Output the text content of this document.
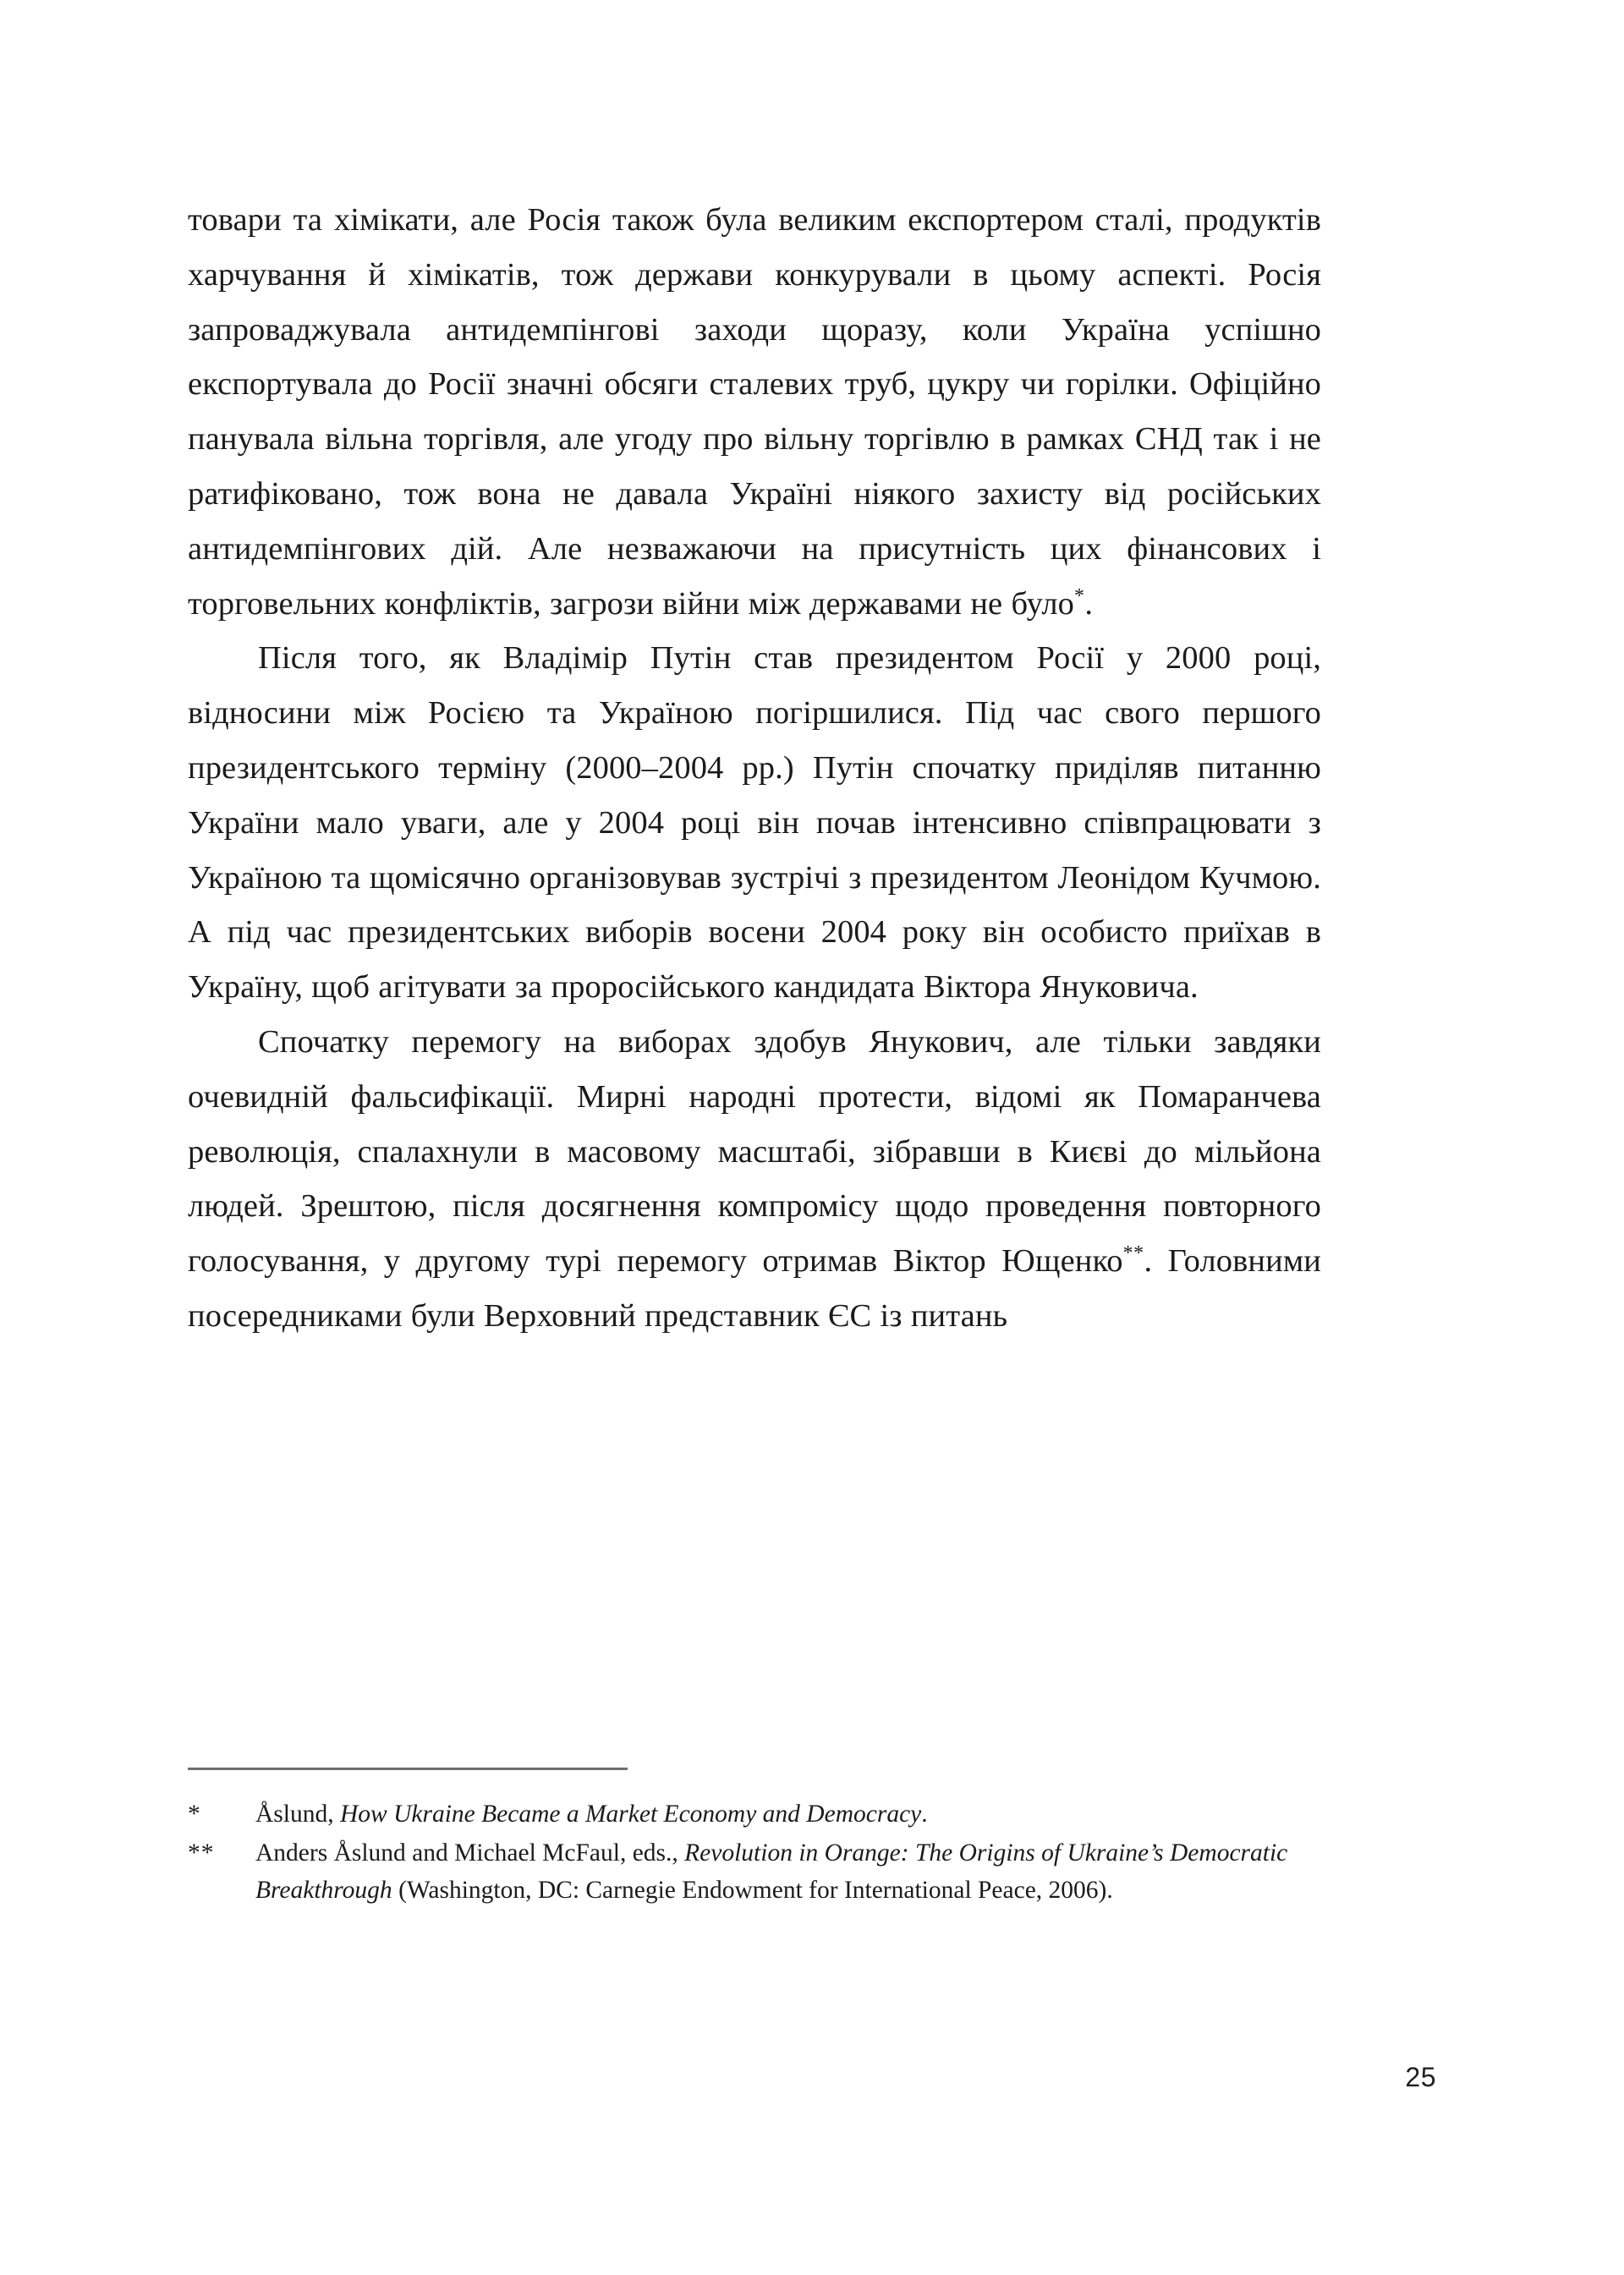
товари та хімікати, але Росія також була великим експортером сталі, продуктів харчування й хімікатів, тож держави конкурували в цьому аспекті. Росія запроваджувала антидемпінгові заходи щоразу, коли Україна успішно експортувала до Росії значні обсяги сталевих труб, цукру чи горілки. Офіційно панувала вільна торгівля, але угоду про вільну торгівлю в рамках СНД так і не ратифіковано, тож вона не давала Україні ніякого захисту від російських антидемпінгових дій. Але незважаючи на присутність цих фінансових і торговельних конфліктів, загрози війни між державами не було*.

Після того, як Владімір Путін став президентом Росії у 2000 році, відносини між Росією та Україною погіршилися. Під час свого першого президентського терміну (2000–2004 рр.) Путін спочатку приділяв питанню України мало уваги, але у 2004 році він почав інтенсивно співпрацювати з Україною та щомісячно організовував зустрічі з президентом Леонідом Кучмою. А під час президентських виборів восени 2004 року він особисто приїхав в Україну, щоб агітувати за проросійського кандидата Віктора Януковича.

Спочатку перемогу на виборах здобув Янукович, але тільки завдяки очевидній фальсифікації. Мирні народні протести, відомі як Помаранчева революція, спалахнули в масовому масштабі, зібравши в Києві до мільйона людей. Зрештою, після досягнення компромісу щодо проведення повторного голосування, у другому турі перемогу отримав Віктор Ющенко**. Головними посередниками були Верховний представник ЄС із питань

*	Åslund, How Ukraine Became a Market Economy and Democracy.
**	Anders Åslund and Michael McFaul, eds., Revolution in Orange: The Origins of Ukraine’s Democratic Breakthrough (Washington, DC: Carnegie Endowment for International Peace, 2006).
25
